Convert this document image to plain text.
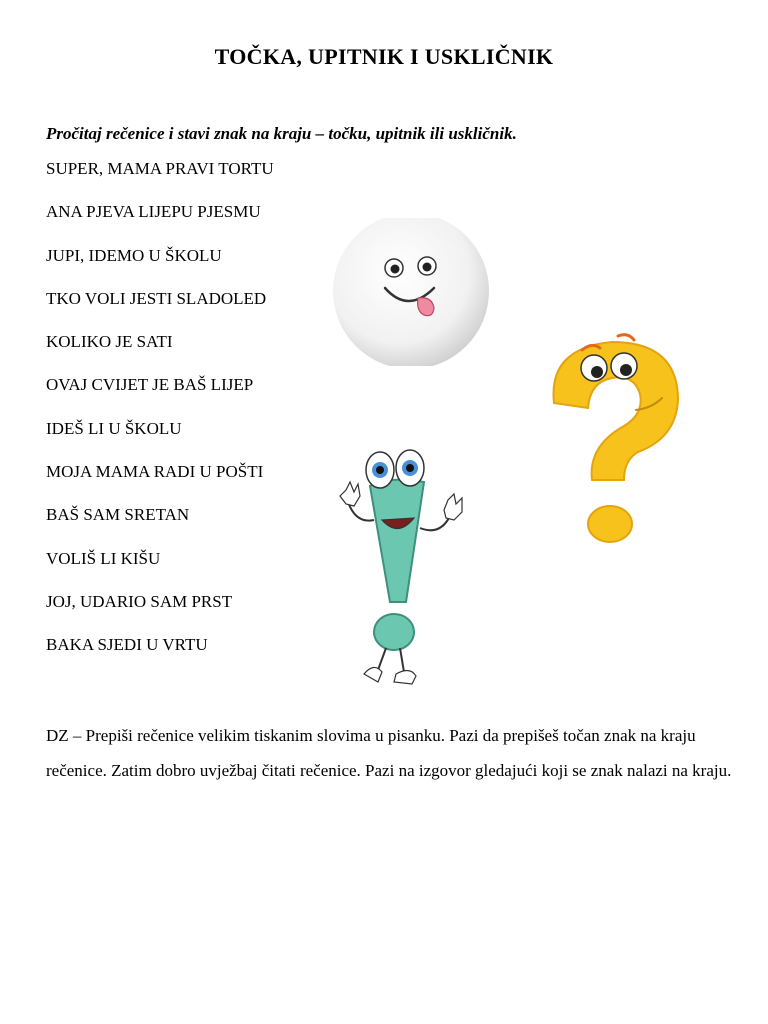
TOČKA, UPITNIK I USKLIČNIK
Pročitaj rečenice i stavi znak na kraju – točku, upitnik ili uskličnik.
SUPER, MAMA PRAVI TORTU
ANA PJEVA LIJEPU PJESMU
JUPI, IDEMO U ŠKOLU
TKO VOLI JESTI SLADOLED
KOLIKO JE SATI
OVAJ CVIJET JE BAŠ LIJEP
IDEŠ LI U ŠKOLU
MOJA MAMA RADI U POŠTI
BAŠ SAM SRETAN
VOLIŠ LI KIŠU
JOJ, UDARIO SAM PRST
BAKA SJEDI U VRTU
DZ – Prepiši rečenice velikim tiskanim slovima u pisanku. Pazi da prepišeš točan znak na kraju rečenice. Zatim dobro uvježbaj čitati rečenice. Pazi na izgovor gledajući koji se znak nalazi na kraju.
